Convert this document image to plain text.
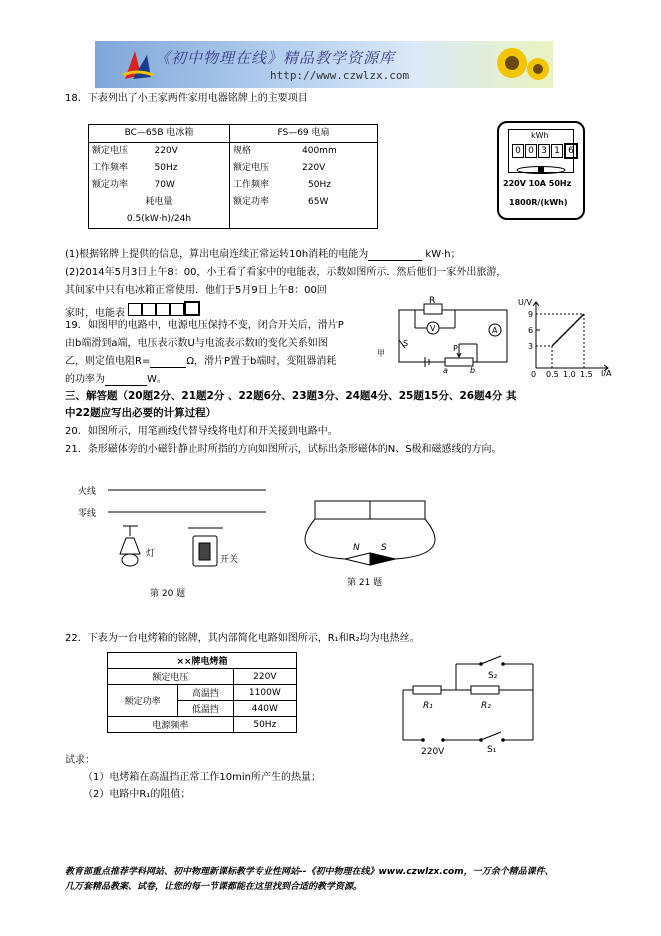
《初中物理在线》精品教学资源库
http://www.czwlzx.com
18．下表列出了小王家两件家用电器铭牌上的主要项目
BC—65B 电冰箱
额定电压	220V
工作频率	50Hz
额定功率	70W
耗电量
0.5(kW·h)/24h

FS—69 电扇
规格	400mm
额定电压	220V
工作频率	50Hz
额定功率	65W
kWh
0 0 3 1 6
220V 10A 50Hz
1800R/(kWh)
(1)根据铭牌上提供的信息，算出电扇连续正常运转10h消耗的电能为	kW·h；
(2)2014年5月3日上午8：00，小王看了看家中的电能表，示数如图所示．然后他们一家外出旅游，
其间家中只有电冰箱正常使用．他们于5月9日上午8：00回
家时，电能表
19．如图甲的电路中，电源电压保持不变，闭合开关后，滑片P
由b端滑到a端，电压表示数U与电流表示数I的变化关系如图
乙，则定值电阻R=	Ω，滑片P置于b端时，变阻器消耗
的功率为	W。
R
V	A
S
P
a	b
甲
U/V
I/A
9
6
3
0 0.5 1.0 1.5
三、解答题（20题2分、21题2分 、22题6分、23题3分、24题4分、25题15分、26题4分 其
中22题应写出必要的计算过程）
20．如图所示，用笔画线代替导线将电灯和开关接到电路中。
21．条形磁体旁的小磁针静止时所指的方向如图所示，试标出条形磁体的N、S极和磁感线的方向。
火线
零线
灯
开关
第 20 题
N S
第 21 题
22．下表为一台电烤箱的铭牌，其内部简化电路如图所示，R₁和R₂均为电热丝。
××牌电烤箱		
额定电压		220V
额定功率	高温挡	1100W
	低温挡	440W
电源频率		50Hz
R₁	R₂
S₂
S₁
220V
试求：
（1）电烤箱在高温挡正常工作10min所产生的热量；
（2）电路中R₁的阻值；
教育部重点推荐学科网站、初中物理新课标教学专业性网站--《初中物理在线》www.czwlzx.com，一万余个精品课件、
几万套精品教案、试卷，让您的每一节课都能在这里找到合适的教学资源。
